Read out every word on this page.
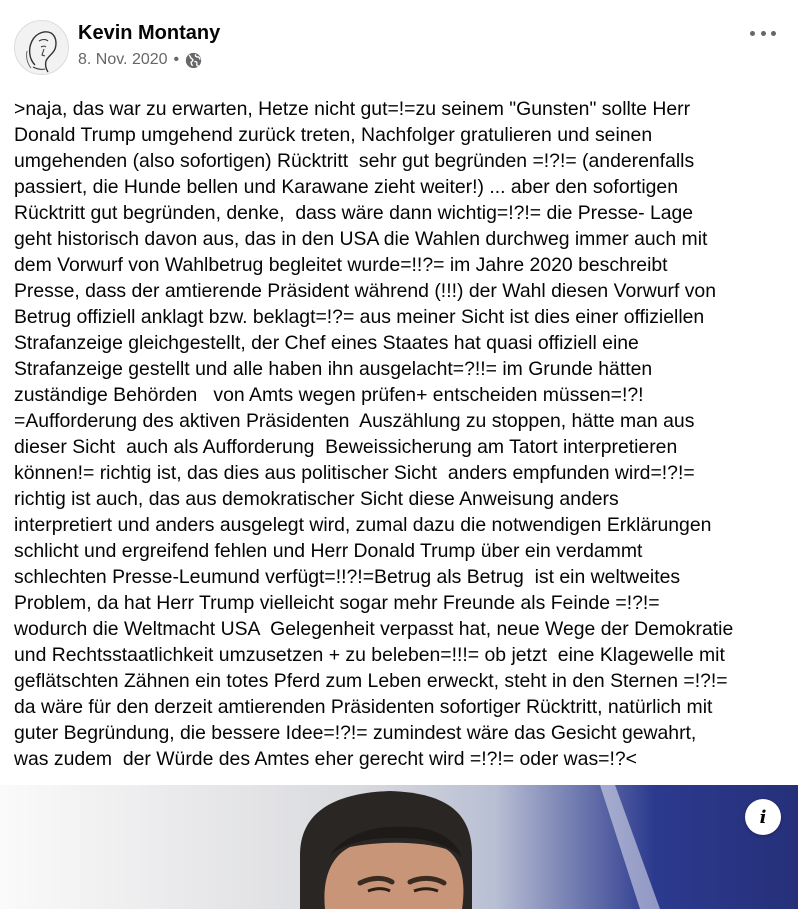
Kevin Montany
8. Nov. 2020 •

>naja, das war zu erwarten, Hetze nicht gut=!=zu seinem "Gunsten" sollte Herr
Donald Trump umgehend zurück treten, Nachfolger gratulieren und seinen
umgehenden (also sofortigen) Rücktritt  sehr gut begründen =!?!= (anderenfalls
passiert, die Hunde bellen und Karawane zieht weiter!) ... aber den sofortigen
Rücktritt gut begründen, denke,  dass wäre dann wichtig=!?!= die Presse- Lage
geht historisch davon aus, das in den USA die Wahlen durchweg immer auch mit
dem Vorwurf von Wahlbetrug begleitet wurde=!!?= im Jahre 2020 beschreibt
Presse, dass der amtierende Präsident während (!!!) der Wahl diesen Vorwurf von
Betrug offiziell anklagt bzw. beklagt=!?= aus meiner Sicht ist dies einer offiziellen
Strafanzeige gleichgestellt, der Chef eines Staates hat quasi offiziell eine
Strafanzeige gestellt und alle haben ihn ausgelacht=?!!= im Grunde hätten
zuständige Behörden   von Amts wegen prüfen+ entscheiden müssen=!?!
=Aufforderung des aktiven Präsidenten  Auszählung zu stoppen, hätte man aus
dieser Sicht  auch als Aufforderung  Beweissicherung am Tatort interpretieren
können!= richtig ist, das dies aus politischer Sicht  anders empfunden wird=!?!=
richtig ist auch, das aus demokratischer Sicht diese Anweisung anders
interpretiert und anders ausgelegt wird, zumal dazu die notwendigen Erklärungen
schlicht und ergreifend fehlen und Herr Donald Trump über ein verdammt
schlechten Presse-Leumund verfügt=!!?!=Betrug als Betrug  ist ein weltweites
Problem, da hat Herr Trump vielleicht sogar mehr Freunde als Feinde =!?!=
wodurch die Weltmacht USA  Gelegenheit verpasst hat, neue Wege der Demokratie
und Rechtsstaatlichkeit umzusetzen + zu beleben=!!!= ob jetzt  eine Klagewelle mit
geflätschten Zähnen ein totes Pferd zum Leben erweckt, steht in den Sternen =!?!=
da wäre für den derzeit amtierenden Präsidenten sofortiger Rücktritt, natürlich mit
guter Begründung, die bessere Idee=!?!= zumindest wäre das Gesicht gewahrt,
was zudem  der Würde des Amtes eher gerecht wird =!?!= oder was=!?<

i
